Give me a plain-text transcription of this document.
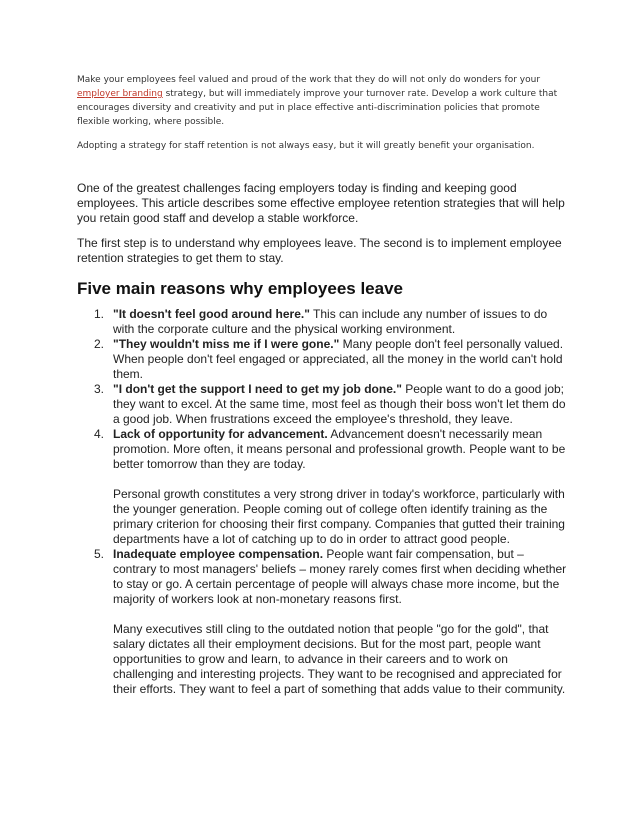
Make your employees feel valued and proud of the work that they do will not only do wonders for your employer branding strategy, but will immediately improve your turnover rate. Develop a work culture that encourages diversity and creativity and put in place effective anti-discrimination policies that promote flexible working, where possible.

Adopting a strategy for staff retention is not always easy, but it will greatly benefit your organisation.

One of the greatest challenges facing employers today is finding and keeping good employees. This article describes some effective employee retention strategies that will help you retain good staff and develop a stable workforce.

The first step is to understand why employees leave. The second is to implement employee retention strategies to get them to stay.

Five main reasons why employees leave
1. "It doesn't feel good around here." This can include any number of issues to do with the corporate culture and the physical working environment.
2. "They wouldn't miss me if I were gone." Many people don't feel personally valued. When people don't feel engaged or appreciated, all the money in the world can't hold them.
3. "I don't get the support I need to get my job done." People want to do a good job; they want to excel. At the same time, most feel as though their boss won't let them do a good job. When frustrations exceed the employee's threshold, they leave.
4. Lack of opportunity for advancement. Advancement doesn't necessarily mean promotion. More often, it means personal and professional growth. People want to be better tomorrow than they are today.

Personal growth constitutes a very strong driver in today's workforce, particularly with the younger generation. People coming out of college often identify training as the primary criterion for choosing their first company. Companies that gutted their training departments have a lot of catching up to do in order to attract good people.

5. Inadequate employee compensation. People want fair compensation, but – contrary to most managers' beliefs – money rarely comes first when deciding whether to stay or go. A certain percentage of people will always chase more income, but the majority of workers look at non-monetary reasons first.

Many executives still cling to the outdated notion that people "go for the gold", that salary dictates all their employment decisions. But for the most part, people want opportunities to grow and learn, to advance in their careers and to work on challenging and interesting projects. They want to be recognised and appreciated for their efforts. They want to feel a part of something that adds value to their community.
